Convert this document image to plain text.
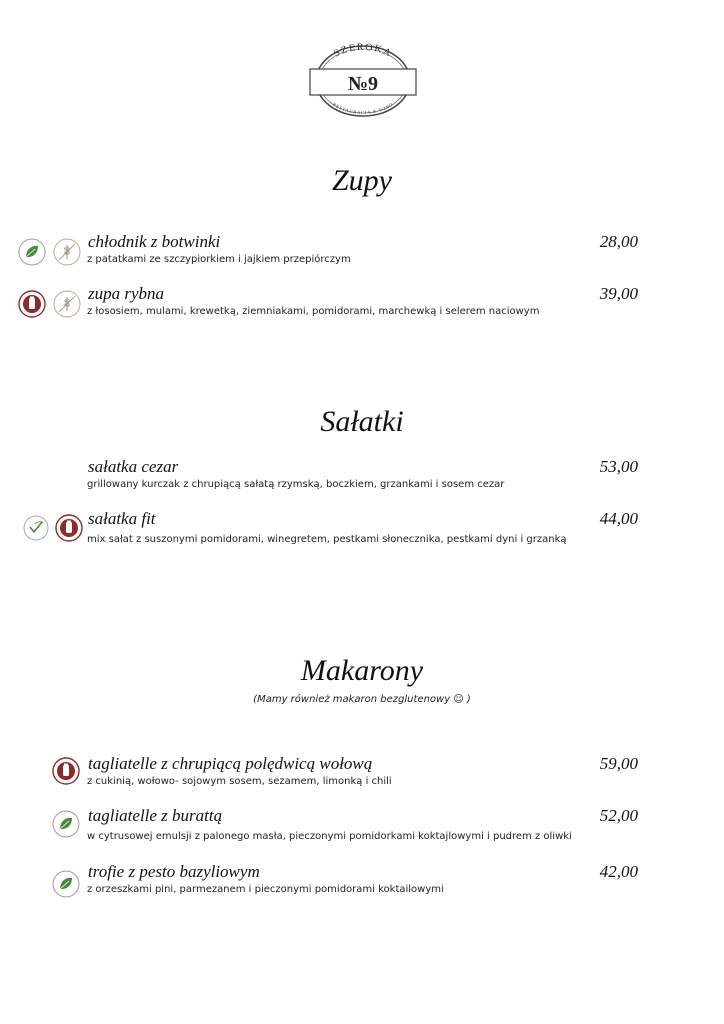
SZEROKA
№9
RESTAURACJA & WINO
Zupy
chłodnik z botwinki	28,00
z patatkami ze szczypiorkiem i jajkiem przepiórczym
zupa rybna	39,00
z łososiem, mulami, krewetką, ziemniakami, pomidorami, marchewką i selerem naciowym
Sałatki
sałatka cezar	53,00
grillowany kurczak z chrupiącą sałatą rzymską, boczkiem, grzankami i sosem cezar
sałatka fit	44,00
mix sałat z suszonymi pomidorami, winegretem, pestkami słonecznika, pestkami dyni i grzanką
Makarony
(Mamy również makaron bezglutenowy ☺ )
tagliatelle z chrupiącą polędwicą wołową	59,00
z cukinią, wołowo- sojowym sosem, sezamem, limonką i chili
tagliatelle z burattą	52,00
w cytrusowej emulsji z palonego masła, pieczonymi pomidorkami koktajlowymi i pudrem z oliwki
trofie z pesto bazyliowym	42,00
z orzeszkami pini, parmezanem i pieczonymi pomidorami koktailowymi
